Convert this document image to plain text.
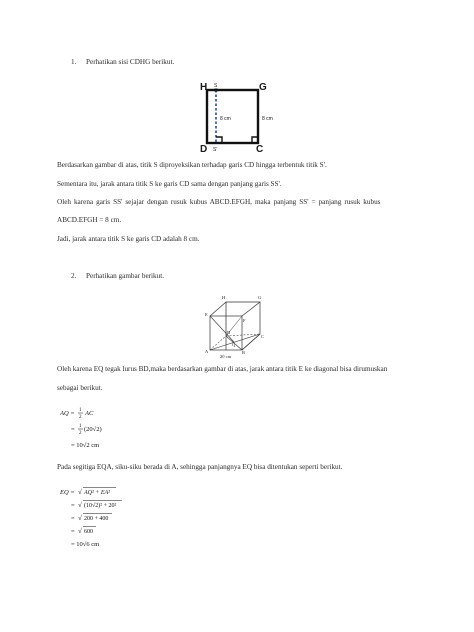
1. Perhatikan sisi CDHG berikut.
H	G
D	C
S
S'
8 cm	8 cm
Berdasarkan gambar di atas, titik S diproyeksikan terhadap garis CD hingga terbentuk titik S'.
Sementara itu, jarak antara titik S ke garis CD sama dengan panjang garis SS'.
Oleh karena garis SS' sejajar dengan rusuk kubus ABCD.EFGH, maka panjang SS' = panjang rusuk kubus
ABCD.EFGH = 8 cm.
Jadi, jarak antara titik S ke garis CD adalah 8 cm.
2. Perhatikan gambar berikut.
H	G
E
F
D
C
A	B
Q
20 cm
Oleh karena EQ tegak lurus BD,maka berdasarkan gambar di atas, jarak antara titik E ke diagonal bisa dirumuskan
sebagai berikut.
AQ = 1
2
AC
= 1
2
(20√2)
= 10√2 cm
Pada segitiga EQA, siku-siku berada di A, sehingga panjangnya EQ bisa ditentukan seperti berikut.
EQ = √ AQ² + EA²
= √ (10√2)² + 20²
= √ 200 + 400
= √ 600
= 10√6 cm
